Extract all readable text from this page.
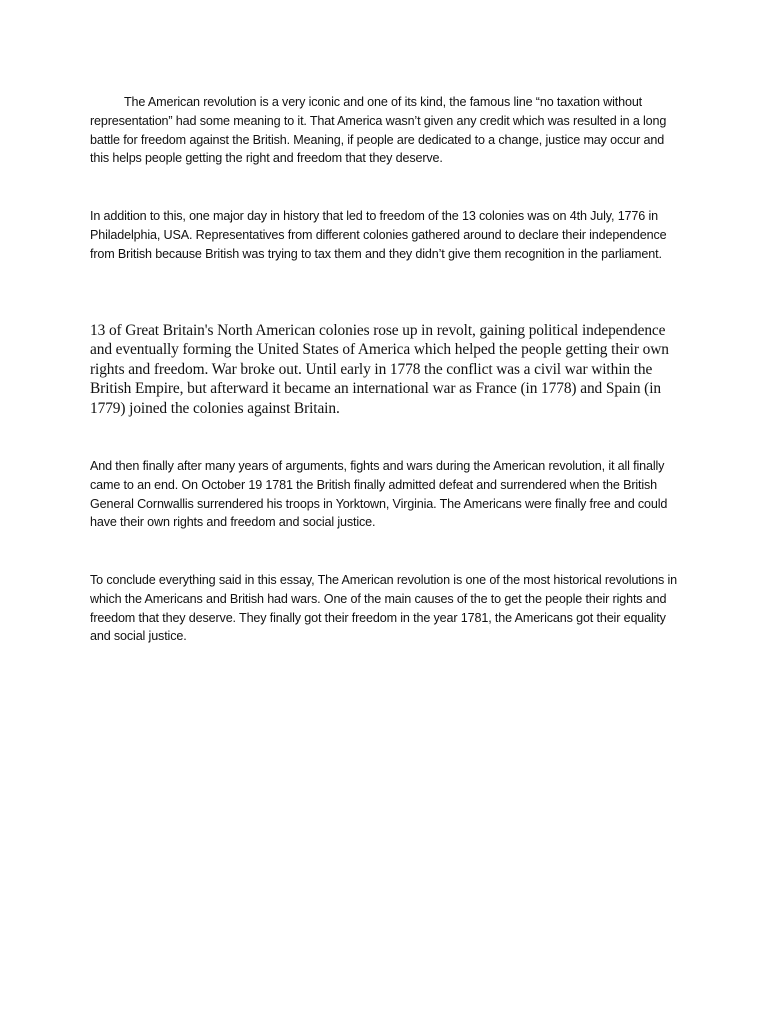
The American revolution is a very iconic and one of its kind, the famous line “no taxation without representation” had some meaning to it. That America wasn’t given any credit which was resulted in a long battle for freedom against the British. Meaning, if people are dedicated to a change, justice may occur and this helps people getting the right and freedom that they deserve.

In addition to this, one major day in history that led to freedom of the 13 colonies was on 4th July, 1776 in Philadelphia, USA. Representatives from different colonies gathered around to declare their independence from British because British was trying to tax them and they didn’t give them recognition in the parliament.

13 of Great Britain's North American colonies rose up in revolt, gaining political independence and eventually forming the United States of America which helped the people getting their own rights and freedom. War broke out. Until early in 1778 the conflict was a civil war within the British Empire, but afterward it became an international war as France (in 1778) and Spain (in 1779) joined the colonies against Britain.

And then finally after many years of arguments, fights and wars during the American revolution, it all finally came to an end. On October 19 1781 the British finally admitted defeat and surrendered when the British General Cornwallis surrendered his troops in Yorktown, Virginia. The Americans were finally free and could have their own rights and freedom and social justice.

To conclude everything said in this essay, The American revolution is one of the most historical revolutions in which the Americans and British had wars. One of the main causes of the to get the people their rights and freedom that they deserve. They finally got their freedom in the year 1781, the Americans got their equality and social justice.
